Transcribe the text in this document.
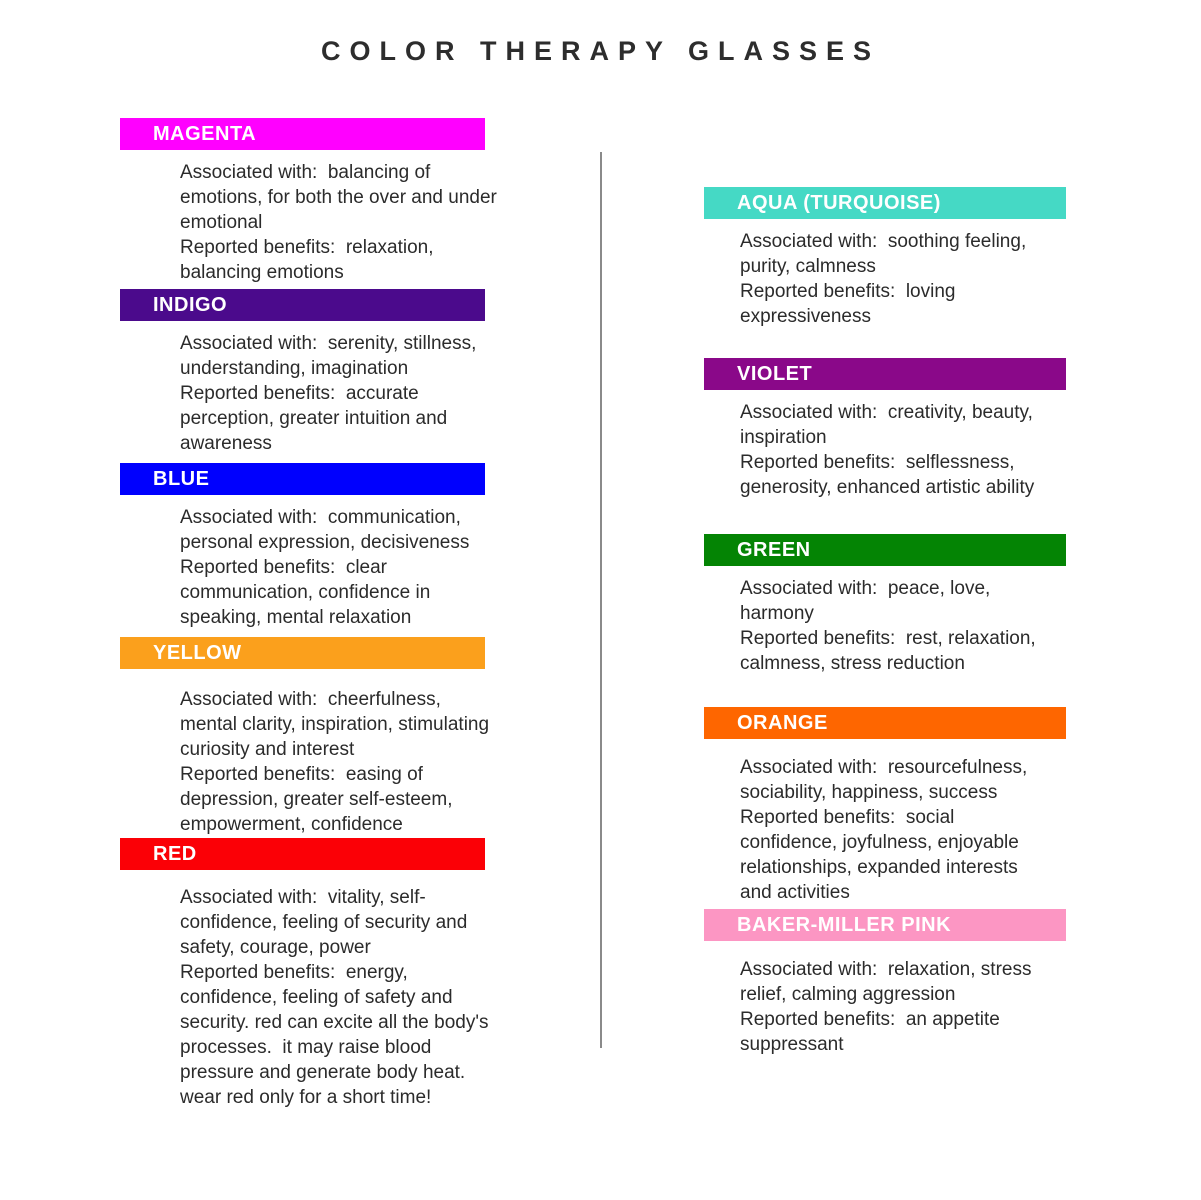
COLOR THERAPY GLASSES
MAGENTA

Associated with:  balancing of emotions, for both the over and under emotional

Reported benefits:  relaxation, balancing emotions

INDIGO

Associated with:  serenity, stillness, understanding, imagination

Reported benefits:  accurate perception, greater intuition and awareness

BLUE

Associated with:  communication, personal expression, decisiveness

Reported benefits:  clear communication, confidence in speaking, mental relaxation

YELLOW

Associated with:  cheerfulness, mental clarity, inspiration, stimulating curiosity and interest

Reported benefits:  easing of depression, greater self-esteem, empowerment, confidence

RED

Associated with:  vitality, self-confidence, feeling of security and safety, courage, power

Reported benefits:  energy, confidence, feeling of safety and security. red can excite all the body's processes.  it may raise blood pressure and generate body heat. wear red only for a short time!

AQUA (TURQUOISE)

Associated with:  soothing feeling, purity, calmness

Reported benefits:  loving expressiveness

VIOLET

Associated with:  creativity, beauty, inspiration

Reported benefits:  selflessness, generosity, enhanced artistic ability

GREEN

Associated with:  peace, love, harmony

Reported benefits:  rest, relaxation, calmness, stress reduction

ORANGE

Associated with:  resourcefulness, sociability, happiness, success

Reported benefits:  social confidence, joyfulness, enjoyable relationships, expanded interests and activities

BAKER-MILLER PINK

Associated with:  relaxation, stress relief, calming aggression

Reported benefits:  an appetite suppressant
